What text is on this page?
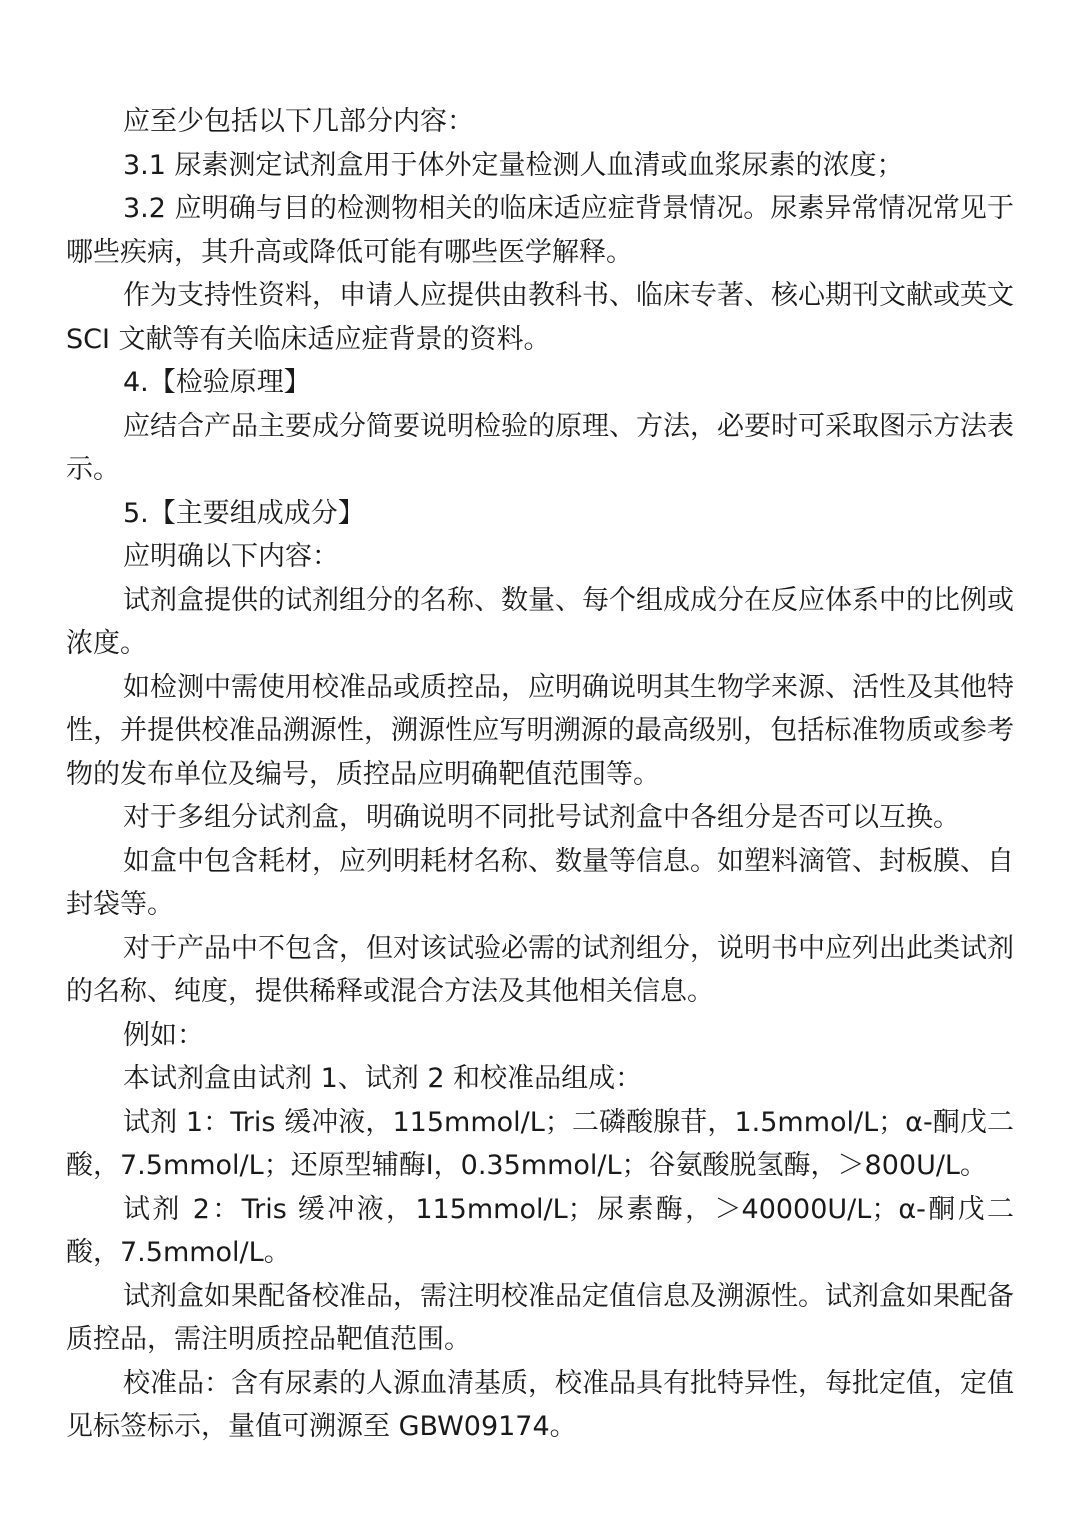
应至少包括以下几部分内容：

3.1 尿素测定试剂盒用于体外定量检测人血清或血浆尿素的浓度；

3.2 应明确与目的检测物相关的临床适应症背景情况。尿素异常情况常见于哪些疾病，其升高或降低可能有哪些医学解释。

作为支持性资料，申请人应提供由教科书、临床专著、核心期刊文献或英文 SCI 文献等有关临床适应症背景的资料。

4.【检验原理】

应结合产品主要成分简要说明检验的原理、方法，必要时可采取图示方法表示。

5.【主要组成成分】

应明确以下内容：

试剂盒提供的试剂组分的名称、数量、每个组成成分在反应体系中的比例或浓度。

如检测中需使用校准品或质控品，应明确说明其生物学来源、活性及其他特性，并提供校准品溯源性，溯源性应写明溯源的最高级别，包括标准物质或参考物的发布单位及编号，质控品应明确靶值范围等。

对于多组分试剂盒，明确说明不同批号试剂盒中各组分是否可以互换。

如盒中包含耗材，应列明耗材名称、数量等信息。如塑料滴管、封板膜、自封袋等。

对于产品中不包含，但对该试验必需的试剂组分，说明书中应列出此类试剂的名称、纯度，提供稀释或混合方法及其他相关信息。

例如：

本试剂盒由试剂 1、试剂 2 和校准品组成：

试剂 1：Tris 缓冲液，115mmol/L；二磷酸腺苷，1.5mmol/L；α-酮戊二酸，7.5mmol/L；还原型辅酶Ⅰ，0.35mmol/L；谷氨酸脱氢酶，＞800U/L。

试剂 2：Tris 缓冲液，115mmol/L；尿素酶，＞40000U/L；α-酮戊二酸，7.5mmol/L。

试剂盒如果配备校准品，需注明校准品定值信息及溯源性。试剂盒如果配备质控品，需注明质控品靶值范围。

校准品：含有尿素的人源血清基质，校准品具有批特异性，每批定值，定值见标签标示，量值可溯源至 GBW09174。
